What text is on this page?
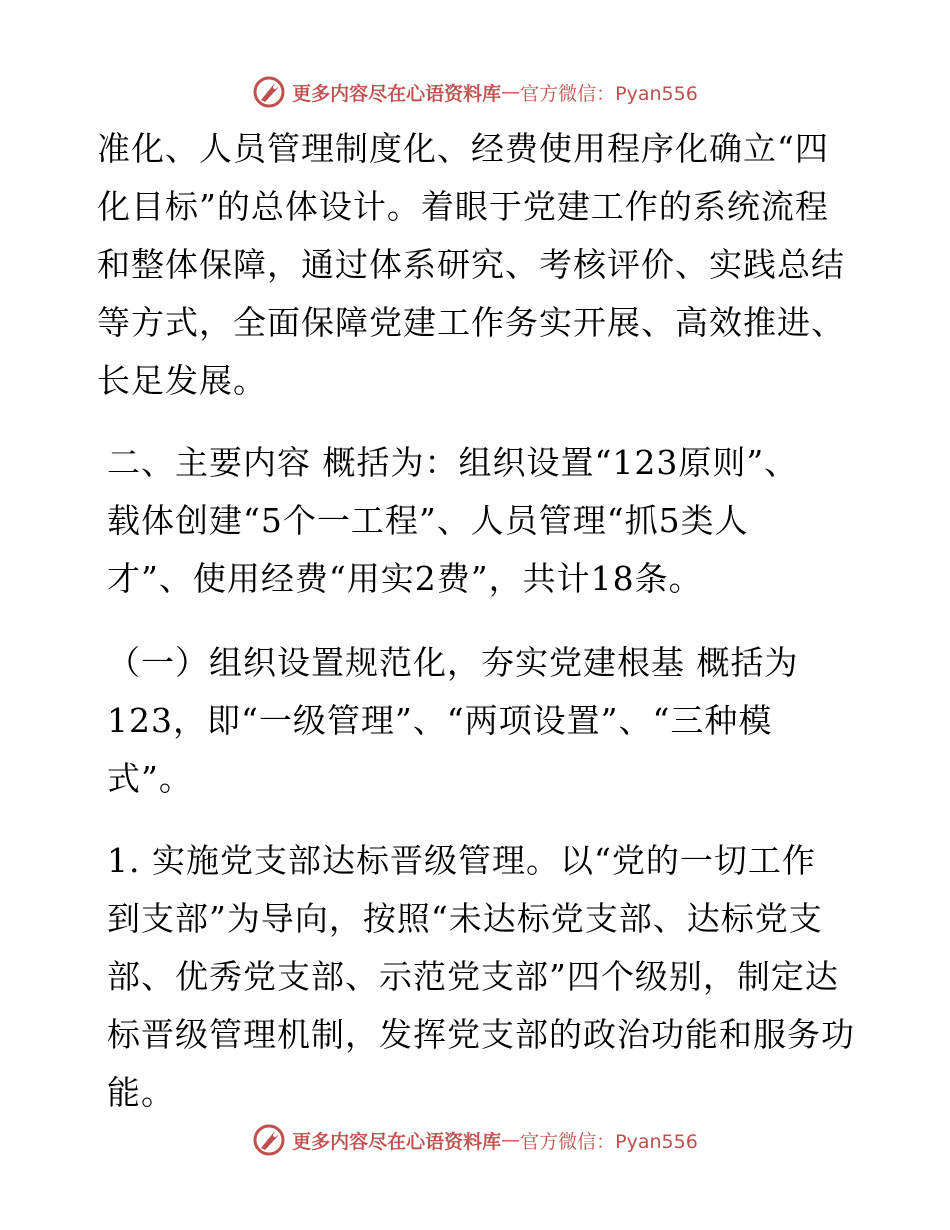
更多内容尽在心语资料库 — 官方微信：Pyan556

准化、人员管理制度化、经费使用程序化确立“四
化目标”的总体设计。着眼于党建工作的系统流程
和整体保障，通过体系研究、考核评价、实践总结
等方式，全面保障党建工作务实开展、高效推进、
长足发展。

二、主要内容 概括为：组织设置“123原则”、
载体创建“5个一工程”、人员管理“抓5类人
才”、使用经费“用实2费”，共计18条。

（一）组织设置规范化，夯实党建根基 概括为
123，即“一级管理”、“两项设置”、“三种模
式”。

1. 实施党支部达标晋级管理。以“党的一切工作
到支部”为导向，按照“未达标党支部、达标党支
部、优秀党支部、示范党支部”四个级别，制定达
标晋级管理机制，发挥党支部的政治功能和服务功
能。

更多内容尽在心语资料库 — 官方微信：Pyan556
